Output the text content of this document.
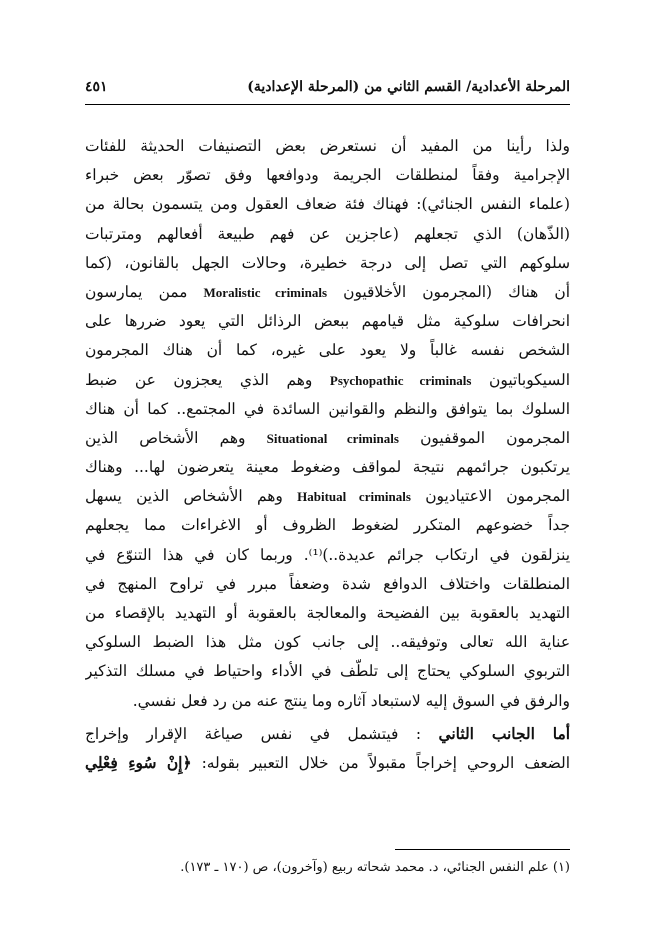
المرحلة الأعدادية/ القسم الثاني من (المرحلة الإعدادية)
٤٥١
ولذا رأينا من المفيد أن نستعرض بعض التصنيفات الحديثة للفئات
الإجرامية وفقاً لمنطلقات الجريمة ودوافعها وفق تصوّر بعض خبراء
(علماء النفس الجنائي): فهناك فئة ضعاف العقول ومن يتسمون بحالة من
(الذّهان) الذي تجعلهم (عاجزين عن فهم طبيعة أفعالهم ومترتبات
سلوكهم التي تصل إلى درجة خطيرة، وحالات الجهل بالقانون، (كما
أن هناك (المجرمون الأخلاقيون Moralistic criminals ممن يمارسون
انحرافات سلوكية مثل قيامهم ببعض الرذائل التي يعود ضررها على
الشخص نفسه غالباً ولا يعود على غيره، كما أن هناك المجرمون
السيكوباتيون Psychopathic criminals وهم الذي يعجزون عن ضبط
السلوك بما يتوافق والنظم والقوانين السائدة في المجتمع.. كما أن هناك
المجرمون الموقفيون Situational criminals وهم الأشخاص الذين
يرتكبون جرائمهم نتيجة لمواقف وضغوط معينة يتعرضون لها... وهناك
المجرمون الاعتياديون Habitual criminals وهم الأشخاص الذين يسهل
جداً خضوعهم المتكرر لضغوط الظروف أو الاغراءات مما يجعلهم
ينزلقون في ارتكاب جرائم عديدة..)⁽¹⁾. وربما كان في هذا التنوّع في
المنطلقات واختلاف الدوافع شدة وضعفاً مبرر في تراوح المنهج في
التهديد بالعقوبة بين الفضيحة والمعالجة بالعقوبة أو التهديد بالإقصاء من
عناية الله تعالى وتوفيقه.. إلى جانب كون مثل هذا الضبط السلوكي
التربوي السلوكي يحتاج إلى تلطّف في الأداء واحتياط في مسلك التذكير
والرفق في السوق إليه لاستبعاد آثاره وما ينتج عنه من رد فعل نفسي.
أما الجانب الثاني : فيتشمل في نفس صياغة الإقرار وإخراج
الضعف الروحي إخراجاً مقبولاً من خلال التعبير بقوله: ﴿إِنْ سُوءِ فِعْلِي
(١) علم النفس الجنائي، د. محمد شحاته ربيع (وآخرون)، ص (١٧٠ ـ ١٧٣).
